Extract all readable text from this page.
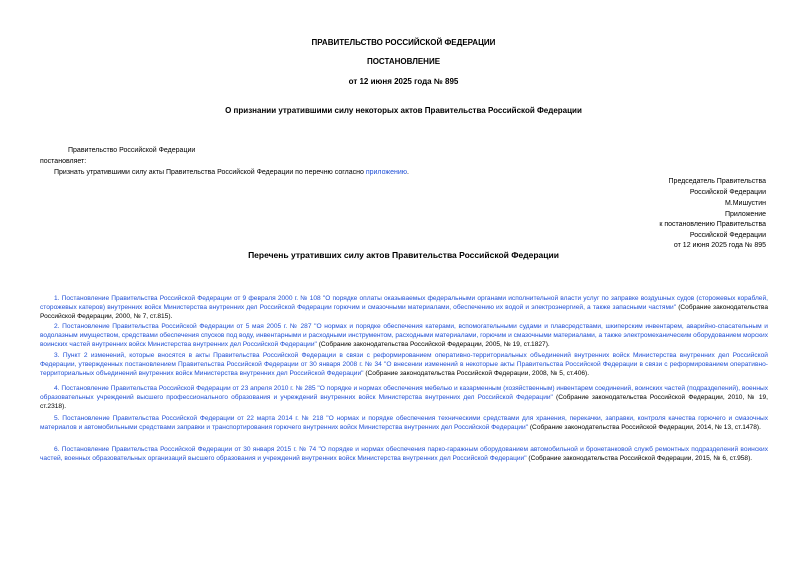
ПРАВИТЕЛЬСТВО РОССИЙСКОЙ ФЕДЕРАЦИИ
ПОСТАНОВЛЕНИЕ
от 12 июня 2025 года № 895
О признании утратившими силу некоторых актов Правительства Российской Федерации
Правительство Российской Федерации
постановляет:
Признать утратившими силу акты Правительства Российской Федерации по перечню согласно приложению.
Председатель Правительства
Российской Федерации
М.Мишустин
Приложение
к постановлению Правительства
Российской Федерации
от 12 июня 2025 года № 895
Перечень утративших силу актов Правительства Российской Федерации
1. Постановление Правительства Российской Федерации от 9 февраля 2000 г. № 108 "О порядке оплаты оказываемых федеральными органами исполнительной власти услуг по заправке воздушных судов (сторожевых кораблей, сторожевых катеров) внутренних войск Министерства внутренних дел Российской Федерации горючим и смазочными материалами, обеспечению их водой и электроэнергией, а также запасными частями" (Собрание законодательства Российской Федерации, 2000, № 7, ст.815).
2. Постановление Правительства Российской Федерации от 5 мая 2005 г. № 287 "О нормах и порядке обеспечения катерами, вспомогательными судами и плавсредствами, шкиперским инвентарем, аварийно-спасательным и водолазным имуществом, средствами обеспечения спусков под воду, инвентарными и расходными инструментом, расходными материалами, горючим и смазочными материалами, а также электромеханическим оборудованием морских воинских частей внутренних войск Министерства внутренних дел Российской Федерации" (Собрание законодательства Российской Федерации, 2005, № 19, ст.1827).
3. Пункт 2 изменений, которые вносятся в акты Правительства Российской Федерации в связи с реформированием оперативно-территориальных объединений внутренних войск Министерства внутренних дел Российской Федерации, утвержденных постановлением Правительства Российской Федерации от 30 января 2008 г. № 34 "О внесении изменений в некоторые акты Правительства Российской Федерации в связи с реформированием оперативно-территориальных объединений внутренних войск Министерства внутренних дел Российской Федерации" (Собрание законодательства Российской Федерации, 2008, № 5, ст.406).
4. Постановление Правительства Российской Федерации от 23 апреля 2010 г. № 285 "О порядке и нормах обеспечения мебелью и казарменным (хозяйственным) инвентарем соединений, воинских частей (подразделений), военных образовательных учреждений высшего профессионального образования и учреждений внутренних войск Министерства внутренних дел Российской Федерации" (Собрание законодательства Российской Федерации, 2010, № 19, ст.2318).
5. Постановление Правительства Российской Федерации от 22 марта 2014 г. № 218 "О нормах и порядке обеспечения техническими средствами для хранения, перекачки, заправки, контроля качества горючего и смазочных материалов и автомобильными средствами заправки и транспортирования горючего внутренних войск Министерства внутренних дел Российской Федерации" (Собрание законодательства Российской Федерации, 2014, № 13, ст.1478).
6. Постановление Правительства Российской Федерации от 30 января 2015 г. № 74 "О порядке и нормах обеспечения парко-гаражным оборудованием автомобильной и бронетанковой служб ремонтных подразделений воинских частей, военных образовательных организаций высшего образования и учреждений внутренних войск Министерства внутренних дел Российской Федерации" (Собрание законодательства Российской Федерации, 2015, № 6, ст.958).
